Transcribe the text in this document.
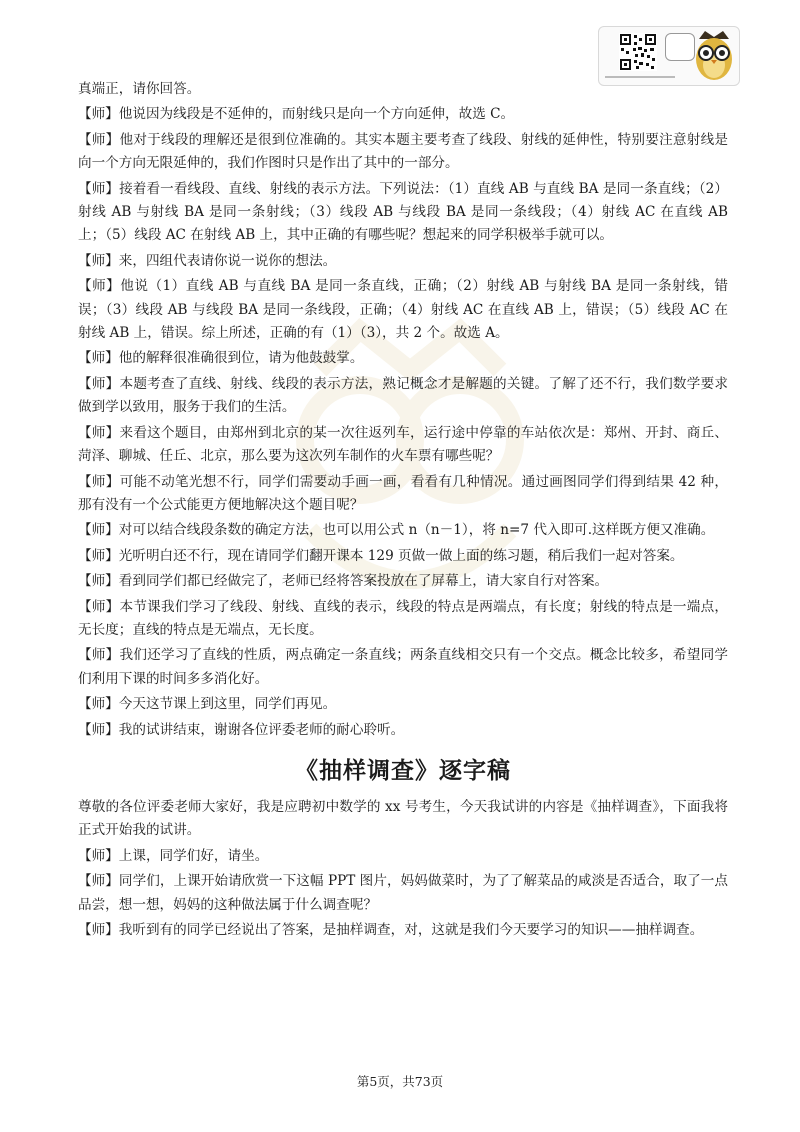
真端正，请你回答。

【师】他说因为线段是不延伸的，而射线只是向一个方向延伸，故选 C。

【师】他对于线段的理解还是很到位准确的。其实本题主要考查了线段、射线的延伸性，特别要注意射线是向一个方向无限延伸的，我们作图时只是作出了其中的一部分。

【师】接着看一看线段、直线、射线的表示方法。下列说法：（1）直线 AB 与直线 BA 是同一条直线；（2）射线 AB 与射线 BA 是同一条射线；（3）线段 AB 与线段 BA 是同一条线段；（4）射线 AC 在直线 AB 上；（5）线段 AC 在射线 AB 上，其中正确的有哪些呢？想起来的同学积极举手就可以。

【师】来，四组代表请你说一说你的想法。

【师】他说（1）直线 AB 与直线 BA 是同一条直线，正确；（2）射线 AB 与射线 BA 是同一条射线，错误；（3）线段 AB 与线段 BA 是同一条线段，正确；（4）射线 AC 在直线 AB 上，错误；（5）线段 AC 在射线 AB 上，错误。综上所述，正确的有（1）（3），共 2 个。故选 A。

【师】他的解释很准确很到位，请为他鼓鼓掌。

【师】本题考查了直线、射线、线段的表示方法，熟记概念才是解题的关键。了解了还不行，我们数学要求做到学以致用，服务于我们的生活。

【师】来看这个题目，由郑州到北京的某一次往返列车，运行途中停靠的车站依次是：郑州、开封、商丘、菏泽、聊城、任丘、北京，那么要为这次列车制作的火车票有哪些呢？

【师】可能不动笔光想不行，同学们需要动手画一画，看看有几种情况。通过画图同学们得到结果 42 种，那有没有一个公式能更方便地解决这个题目呢？

【师】对可以结合线段条数的确定方法，也可以用公式 n（n－1），将 n=7 代入即可.这样既方便又准确。

【师】光听明白还不行，现在请同学们翻开课本 129 页做一做上面的练习题，稍后我们一起对答案。

【师】看到同学们都已经做完了，老师已经将答案投放在了屏幕上，请大家自行对答案。

【师】本节课我们学习了线段、射线、直线的表示，线段的特点是两端点，有长度；射线的特点是一端点，无长度；直线的特点是无端点，无长度。

【师】我们还学习了直线的性质，两点确定一条直线；两条直线相交只有一个交点。概念比较多，希望同学们利用下课的时间多多消化好。

【师】今天这节课上到这里，同学们再见。

【师】我的试讲结束，谢谢各位评委老师的耐心聆听。

《抽样调查》逐字稿

尊敬的各位评委老师大家好，我是应聘初中数学的 xx 号考生，今天我试讲的内容是《抽样调查》，下面我将正式开始我的试讲。

【师】上课，同学们好，请坐。

【师】同学们，上课开始请欣赏一下这幅 PPT 图片，妈妈做菜时，为了了解菜品的咸淡是否适合，取了一点品尝，想一想，妈妈的这种做法属于什么调查呢？

【师】我听到有的同学已经说出了答案，是抽样调查，对，这就是我们今天要学习的知识——抽样调查。

第5页，共73页
